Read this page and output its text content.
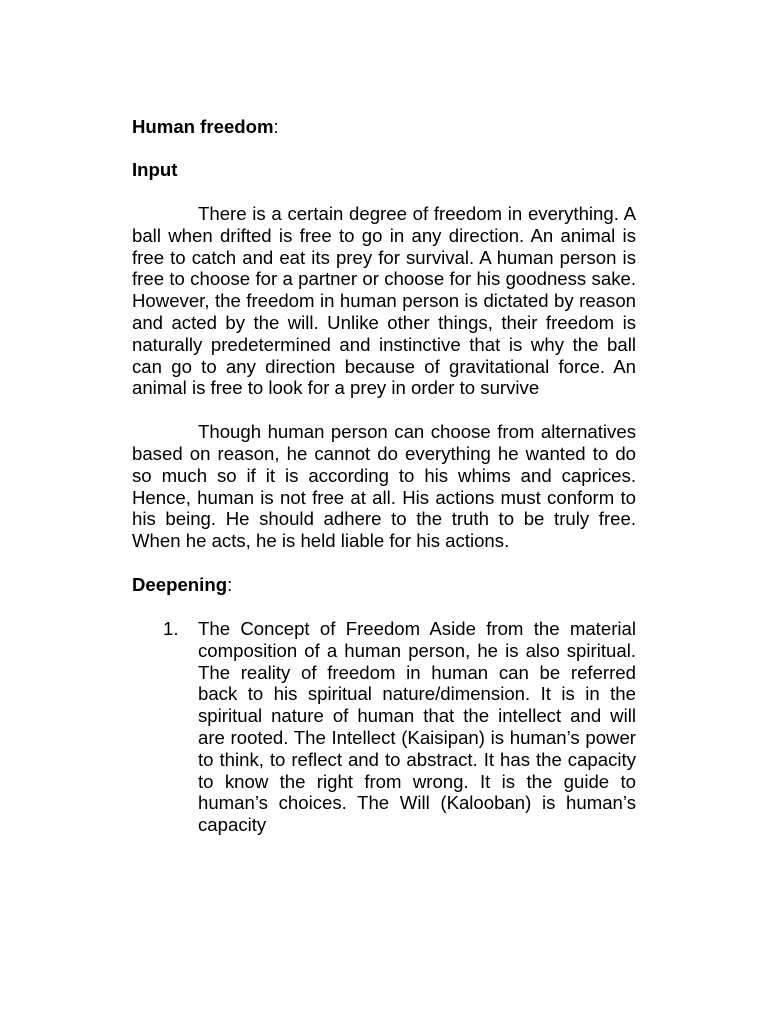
Human freedom:

Input

There is a certain degree of freedom in everything. A ball when drifted is free to go in any direction. An animal is free to catch and eat its prey for survival. A human person is free to choose for a partner or choose for his goodness sake. However, the freedom in human person is dictated by reason and acted by the will. Unlike other things, their freedom is naturally predetermined and instinctive that is why the ball can go to any direction because of gravitational force. An animal is free to look for a prey in order to survive

Though human person can choose from alternatives based on reason, he cannot do everything he wanted to do so much so if it is according to his whims and caprices. Hence, human is not free at all. His actions must conform to his being. He should adhere to the truth to be truly free. When he acts, he is held liable for his actions.

Deepening:

1. The Concept of Freedom Aside from the material composition of a human person, he is also spiritual. The reality of freedom in human can be referred back to his spiritual nature/dimension. It is in the spiritual nature of human that the intellect and will are rooted. The Intellect (Kaisipan) is human’s power to think, to reflect and to abstract. It has the capacity to know the right from wrong. It is the guide to human’s choices. The Will (Kalooban) is human’s capacity
